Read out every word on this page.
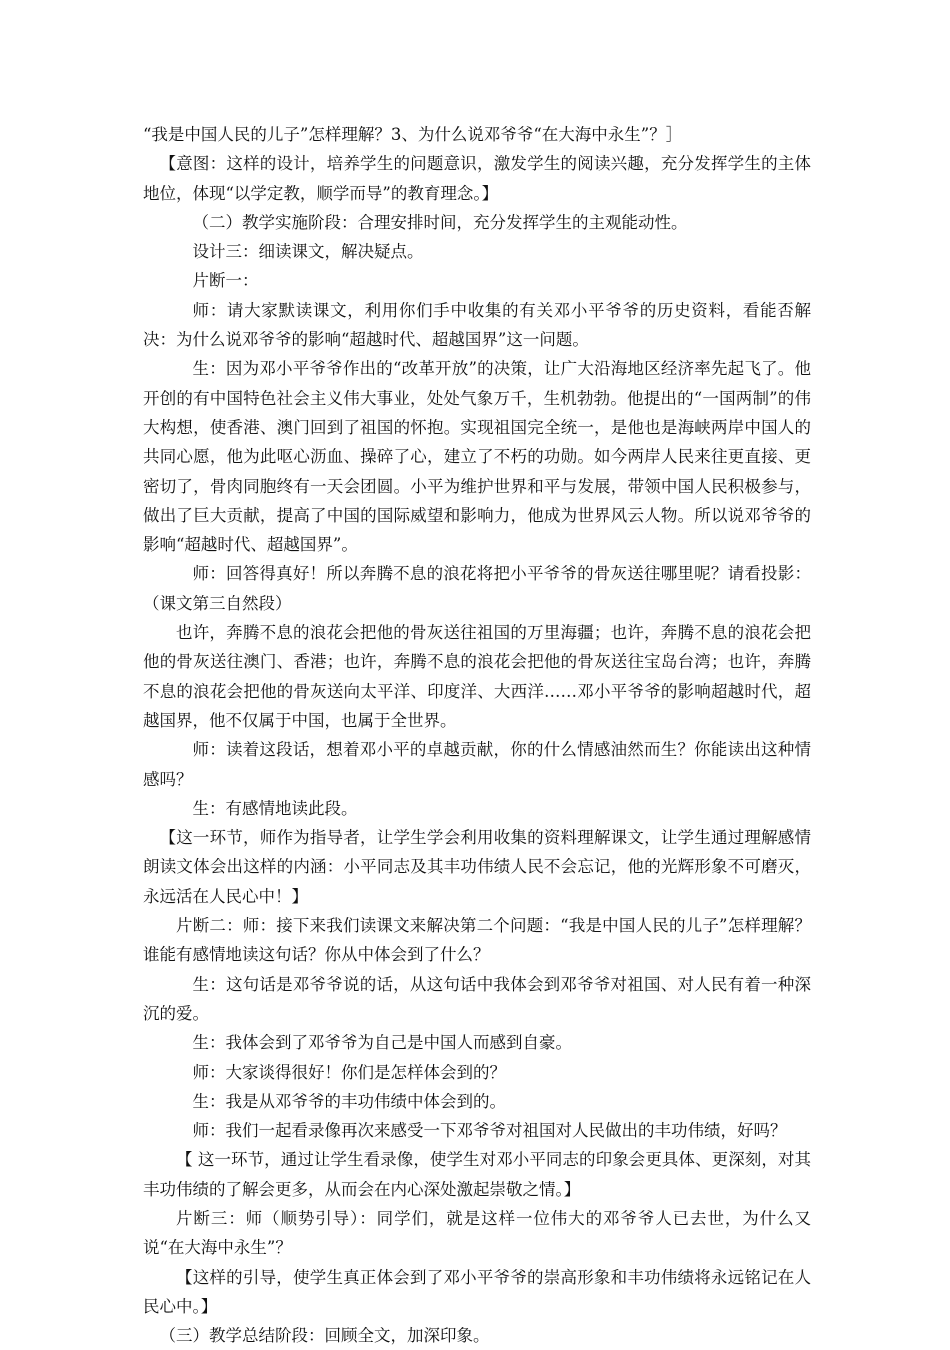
“我是中国人民的儿子”怎样理解？3、为什么说邓爷爷“在大海中永生”？］

【意图：这样的设计，培养学生的问题意识，激发学生的阅读兴趣，充分发挥学生的主体地位，体现“以学定教，顺学而导”的教育理念。】

（二）教学实施阶段：合理安排时间，充分发挥学生的主观能动性。

设计三：细读课文，解决疑点。

片断一：

师：请大家默读课文，利用你们手中收集的有关邓小平爷爷的历史资料，看能否解决：为什么说邓爷爷的影响“超越时代、超越国界”这一问题。

生：因为邓小平爷爷作出的“改革开放”的决策，让广大沿海地区经济率先起飞了。他开创的有中国特色社会主义伟大事业，处处气象万千，生机勃勃。他提出的“一国两制”的伟大构想，使香港、澳门回到了祖国的怀抱。实现祖国完全统一，是他也是海峡两岸中国人的共同心愿，他为此呕心沥血、操碎了心，建立了不朽的功勋。如今两岸人民来往更直接、更密切了，骨肉同胞终有一天会团圆。小平为维护世界和平与发展，带领中国人民积极参与，做出了巨大贡献，提高了中国的国际威望和影响力，他成为世界风云人物。所以说邓爷爷的影响“超越时代、超越国界”。

师：回答得真好！所以奔腾不息的浪花将把小平爷爷的骨灰送往哪里呢？请看投影：（课文第三自然段）

也许，奔腾不息的浪花会把他的骨灰送往祖国的万里海疆；也许，奔腾不息的浪花会把他的骨灰送往澳门、香港；也许，奔腾不息的浪花会把他的骨灰送往宝岛台湾；也许，奔腾不息的浪花会把他的骨灰送向太平洋、印度洋、大西洋……邓小平爷爷的影响超越时代，超越国界，他不仅属于中国，也属于全世界。

师：读着这段话，想着邓小平的卓越贡献，你的什么情感油然而生？你能读出这种情感吗？

生：有感情地读此段。

【这一环节，师作为指导者，让学生学会利用收集的资料理解课文，让学生通过理解感情朗读文体会出这样的内涵：小平同志及其丰功伟绩人民不会忘记，他的光辉形象不可磨灭，永远活在人民心中！】

片断二：师：接下来我们读课文来解决第二个问题：“我是中国人民的儿子”怎样理解？谁能有感情地读这句话？你从中体会到了什么？

生：这句话是邓爷爷说的话，从这句话中我体会到邓爷爷对祖国、对人民有着一种深沉的爱。

生：我体会到了邓爷爷为自己是中国人而感到自豪。

师：大家谈得很好！你们是怎样体会到的？

生：我是从邓爷爷的丰功伟绩中体会到的。

师：我们一起看录像再次来感受一下邓爷爷对祖国对人民做出的丰功伟绩，好吗？

【 这一环节，通过让学生看录像，使学生对邓小平同志的印象会更具体、更深刻，对其丰功伟绩的了解会更多，从而会在内心深处激起崇敬之情。】

片断三：师（顺势引导）：同学们，就是这样一位伟大的邓爷爷人已去世，为什么又说“在大海中永生”？

【这样的引导，使学生真正体会到了邓小平爷爷的崇高形象和丰功伟绩将永远铭记在人民心中。】

（三）教学总结阶段：回顾全文，加深印象。
